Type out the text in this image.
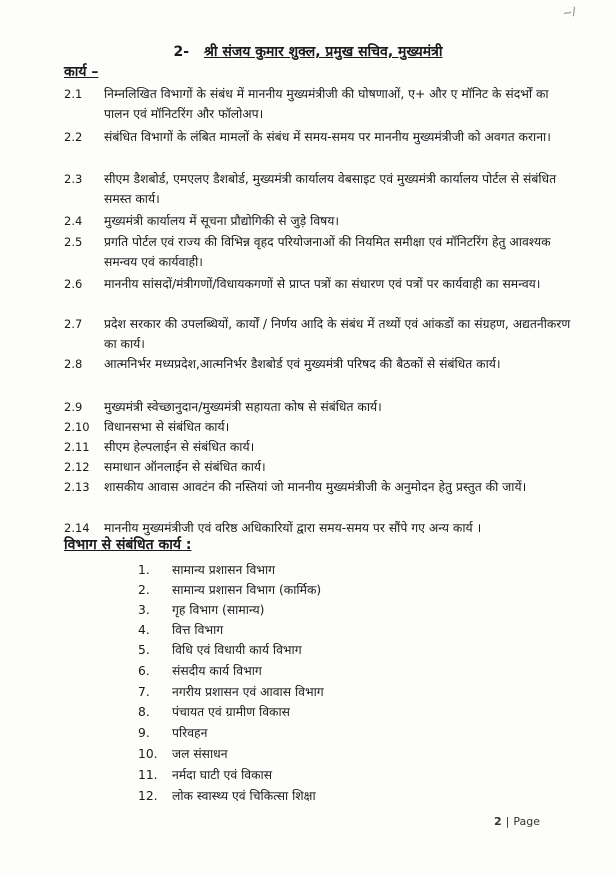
~/
2- श्री संजय कुमार शुक्ल, प्रमुख सचिव, मुख्यमंत्री
कार्य –
2.1	निम्नलिखित विभागों के संबंध में माननीय मुख्यमंत्रीजी की घोषणाओं, ए+ और ए मॉनिट के संदर्भों का पालन एवं मॉनिटरिंग और फॉलोअप।
2.2	संबंधित विभागों के लंबित मामलों के संबंध में समय-समय पर माननीय मुख्यमंत्रीजी को अवगत कराना।
2.3	सीएम डैशबोर्ड, एमएलए डैशबोर्ड, मुख्यमंत्री कार्यालय वेबसाइट एवं मुख्यमंत्री कार्यालय पोर्टल से संबंधित समस्त कार्य।
2.4	मुख्यमंत्री कार्यालय में सूचना प्रौद्योगिकी से जुड़े विषय।
2.5	प्रगति पोर्टल एवं राज्य की विभिन्न वृहद परियोजनाओं की नियमित समीक्षा एवं मॉनिटरिंग हेतु आवश्यक समन्वय एवं कार्यवाही।
2.6	माननीय सांसदों/मंत्रीगणों/विधायकगणों से प्राप्त पत्रों का संधारण एवं पत्रों पर कार्यवाही का समन्वय।
2.7	प्रदेश सरकार की उपलब्धियों, कार्यों / निर्णय आदि के संबंध में तथ्यों एवं आंकडों का संग्रहण, अद्यतनीकरण का कार्य।
2.8	आत्मनिर्भर मध्यप्रदेश,आत्मनिर्भर डैशबोर्ड एवं मुख्यमंत्री परिषद की बैठकों से संबंधित कार्य।
2.9	मुख्यमंत्री स्वेच्छानुदान/मुख्यमंत्री सहायता कोष से संबंधित कार्य।
2.10	विधानसभा से संबंधित कार्य।
2.11	सीएम हेल्पलाईन से संबंधित कार्य।
2.12	समाधान ऑनलाईन से संबंधित कार्य।
2.13	शासकीय आवास आवटंन की नस्तियां जो माननीय मुख्यमंत्रीजी के अनुमोदन हेतु प्रस्तुत की जायें।
2.14	माननीय मुख्यमंत्रीजी एवं वरिष्ठ अधिकारियों द्वारा समय-समय पर सौंपे गए अन्य कार्य ।
विभाग से संबंधित कार्य :
1.	सामान्य प्रशासन विभाग
2.	सामान्य प्रशासन विभाग (कार्मिक)
3.	गृह विभाग (सामान्य)
4.	वित्त विभाग
5.	विधि एवं विधायी कार्य विभाग
6.	संसदीय कार्य विभाग
7.	नगरीय प्रशासन एवं आवास विभाग
8.	पंचायत एवं ग्रामीण विकास
9.	परिवहन
10.	जल संसाधन
11.	नर्मदा घाटी एवं विकास
12.	लोक स्वास्थ्य एवं चिकित्सा शिक्षा
2 | Page
